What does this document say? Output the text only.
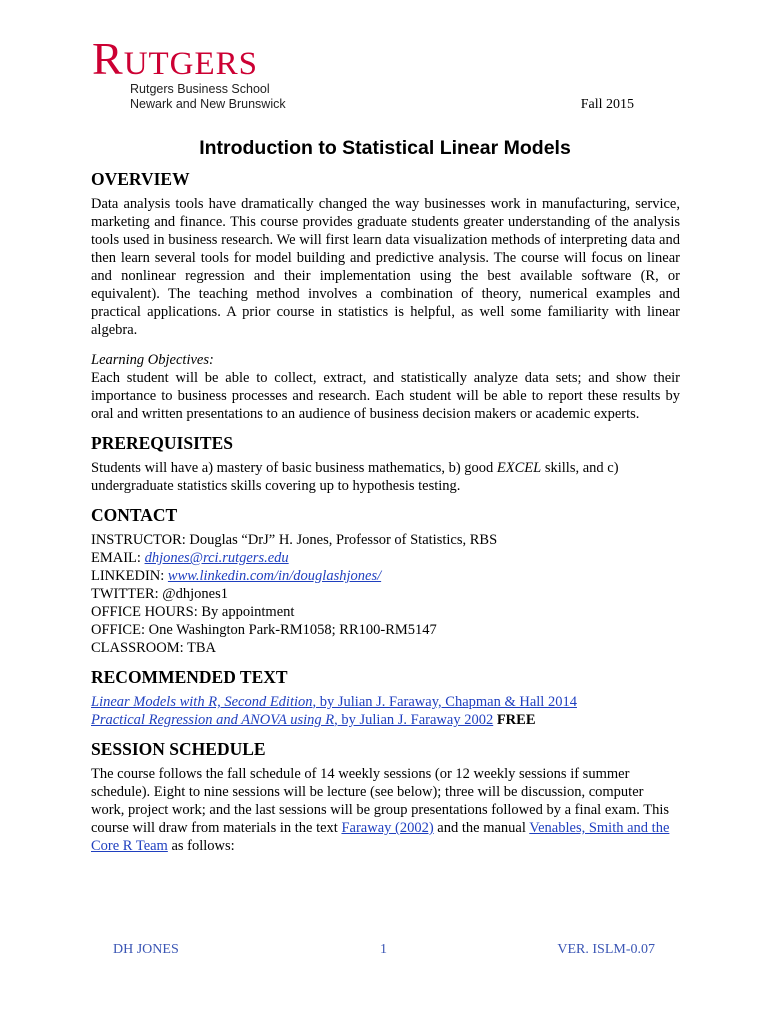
RUTGERS
Rutgers Business School
Newark and New Brunswick	Fall 2015
Introduction to Statistical Linear Models
OVERVIEW

Data analysis tools have dramatically changed the way businesses work in manufacturing, service, marketing and finance. This course provides graduate students greater understanding of the analysis tools used in business research. We will first learn data visualization methods of interpreting data and then learn several tools for model building and predictive analysis. The course will focus on linear and nonlinear regression and their implementation using the best available software (R, or equivalent). The teaching method involves a combination of theory, numerical examples and practical applications. A prior course in statistics is helpful, as well some familiarity with linear algebra.

Learning Objectives:

Each student will be able to collect, extract, and statistically analyze data sets; and show their importance to business processes and research. Each student will be able to report these results by oral and written presentations to an audience of business decision makers or academic experts.

PREREQUISITES

Students will have a) mastery of basic business mathematics, b) good EXCEL skills, and c) undergraduate statistics skills covering up to hypothesis testing.

CONTACT
INSTRUCTOR: Douglas “DrJ” H. Jones, Professor of Statistics, RBS
EMAIL: dhjones@rci.rutgers.edu
LINKEDIN: www.linkedin.com/in/douglashjones/
TWITTER: @dhjones1
OFFICE HOURS: By appointment
OFFICE: One Washington Park-RM1058; RR100-RM5147
CLASSROOM: TBA
RECOMMENDED TEXT
Linear Models with R, Second Edition, by Julian J. Faraway, Chapman & Hall 2014
Practical Regression and ANOVA using R, by Julian J. Faraway 2002 FREE
SESSION SCHEDULE

The course follows the fall schedule of 14 weekly sessions (or 12 weekly sessions if summer schedule). Eight to nine sessions will be lecture (see below); three will be discussion, computer work, project work; and the last sessions will be group presentations followed by a final exam. This course will draw from materials in the text Faraway (2002) and the manual Venables, Smith and the Core R Team as follows:

DH JONES	1	VER. ISLM-0.07
